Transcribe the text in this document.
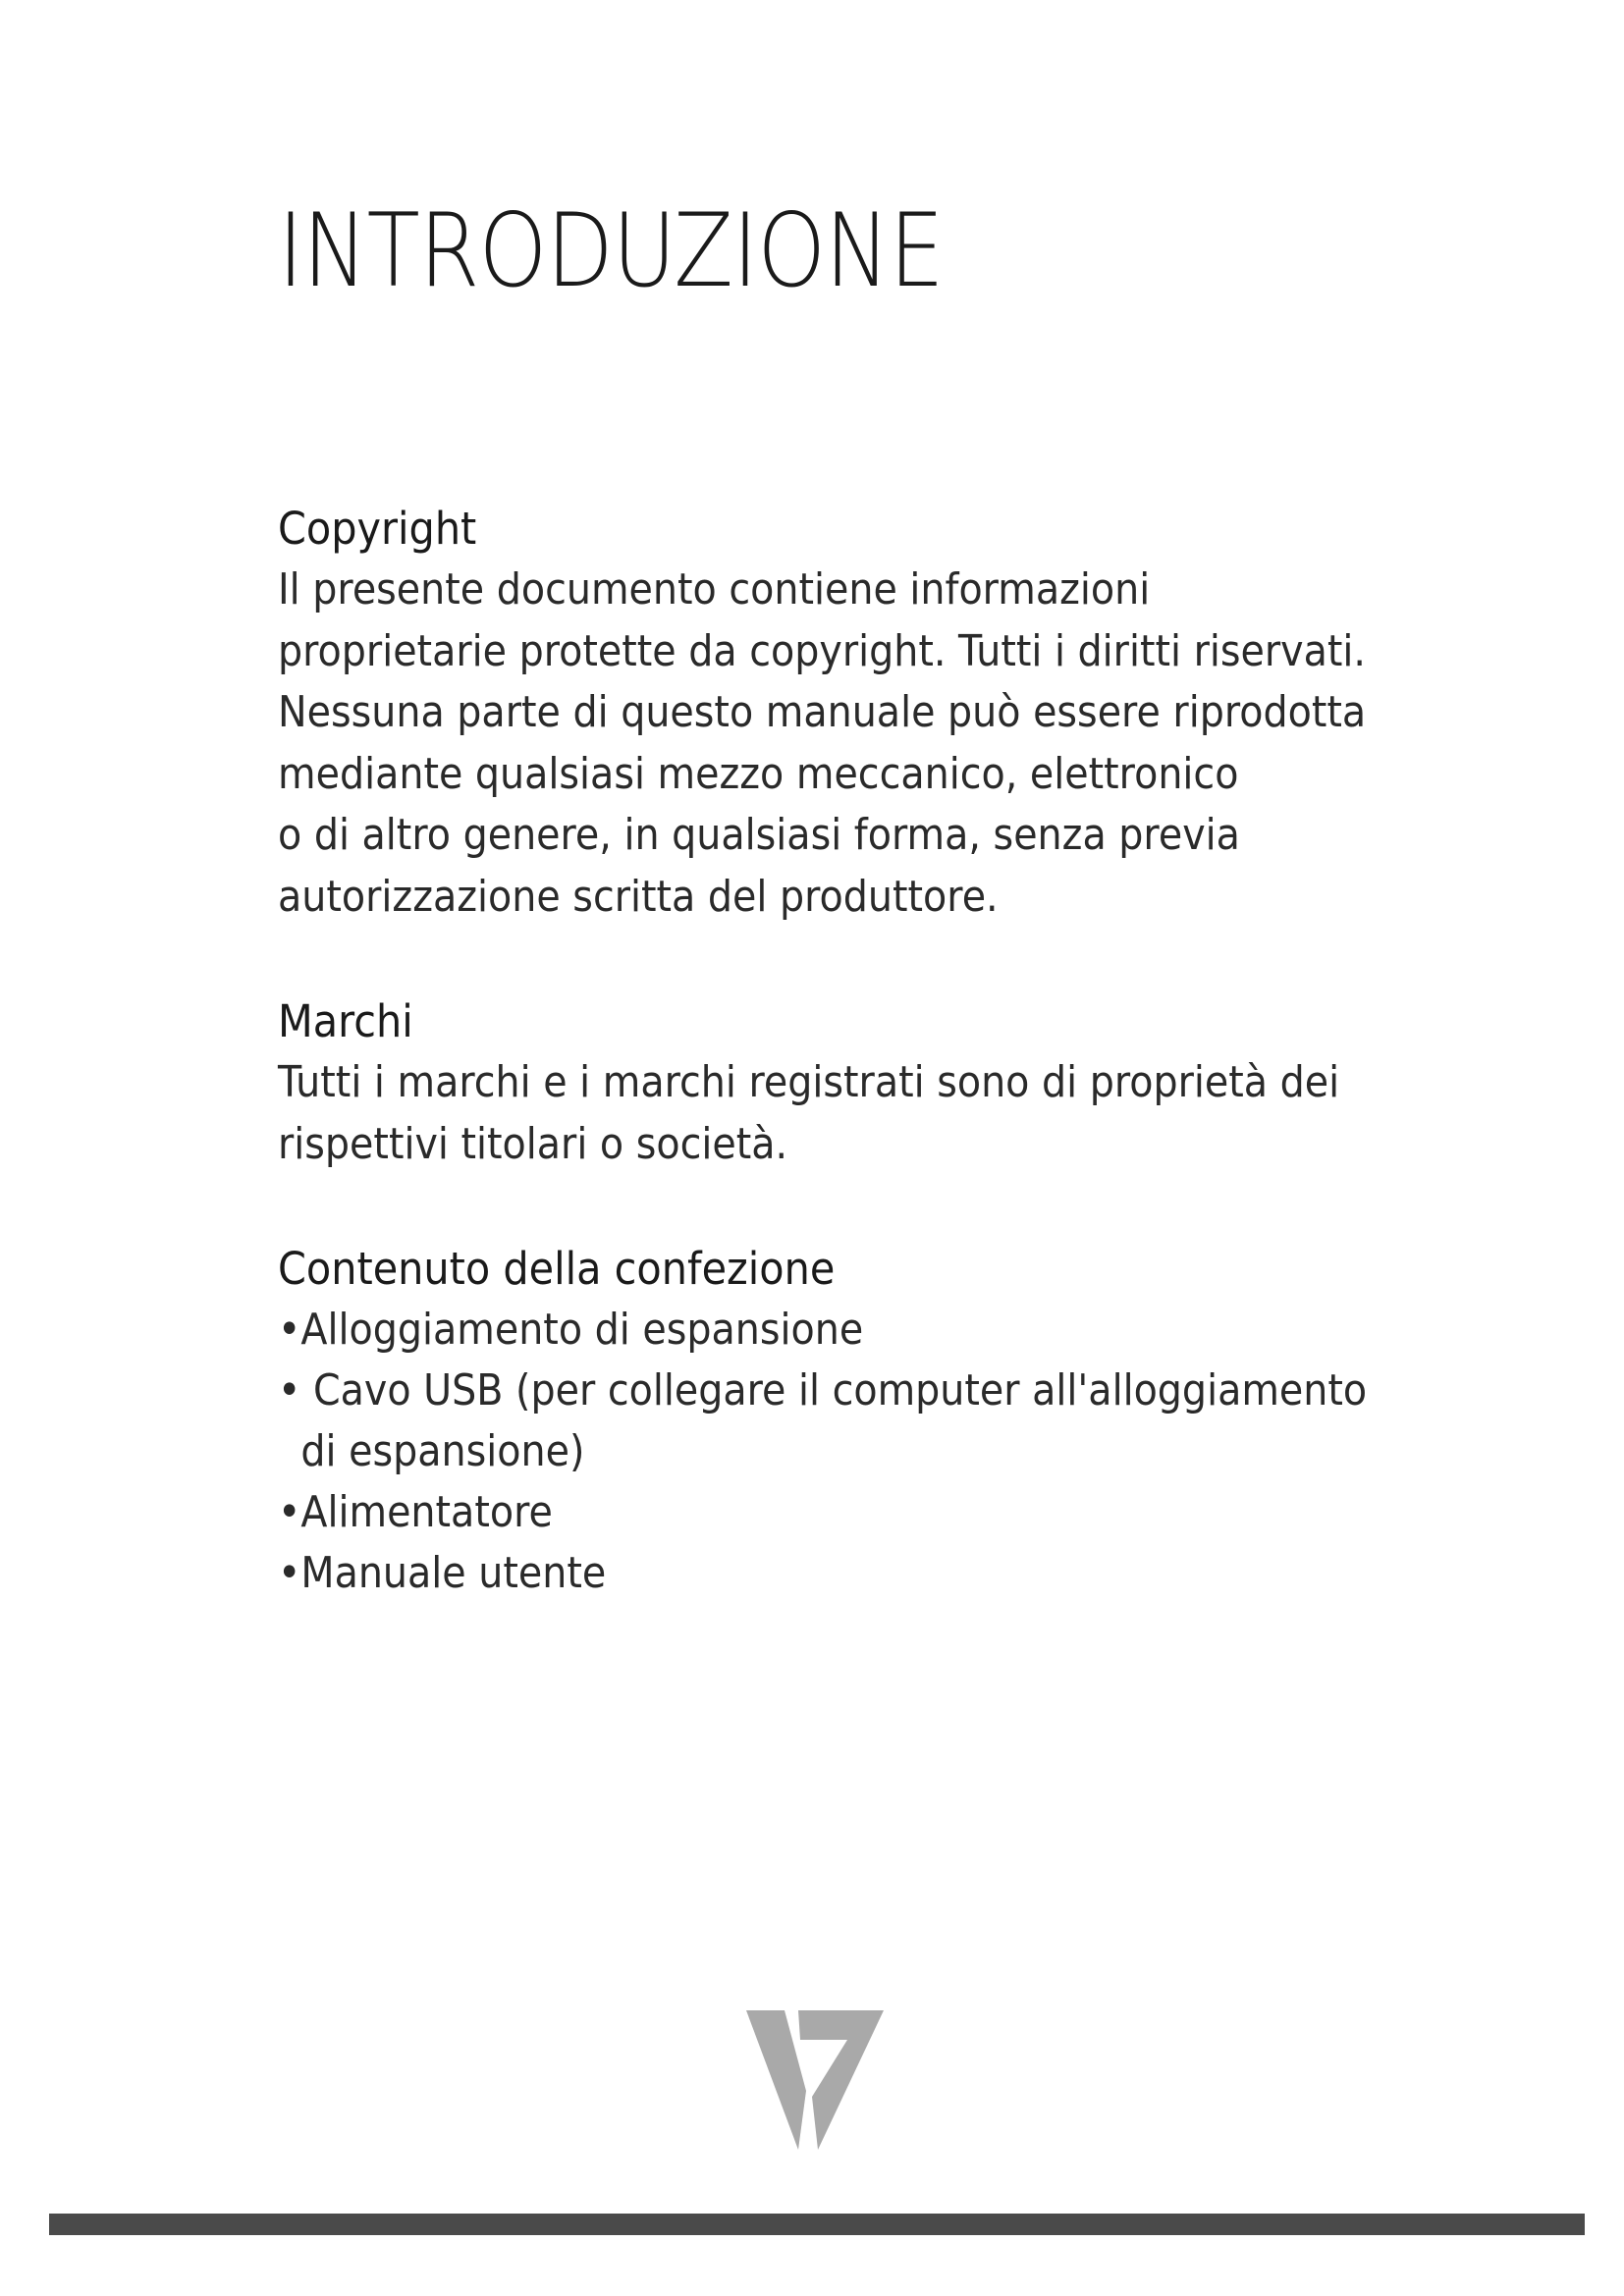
INTRODUZIONE
Copyright

Il presente documento contiene informazioni
proprietarie protette da copyright. Tutti i diritti riservati.
Nessuna parte di questo manuale può essere riprodotta
mediante qualsiasi mezzo meccanico, elettronico
o di altro genere, in qualsiasi forma, senza previa
autorizzazione scritta del produttore.

Marchi

Tutti i marchi e i marchi registrati sono di proprietà dei
rispettivi titolari o società.

Contenuto della confezione
• Alloggiamento di espansione
• Cavo USB (per collegare il computer all'alloggiamento
di espansione)
• Alimentatore
• Manuale utente
